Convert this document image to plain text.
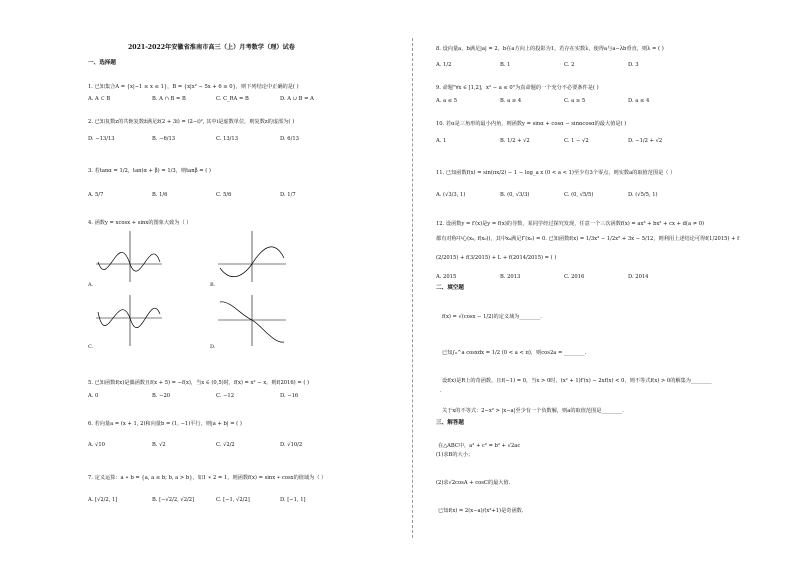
2021-2022年安徽省淮南市高三（上）月考数学（理）试卷
一、选择题
1. 已知集合A = {x|−1 ≤ x ≤ 1}，B = {x|x² − 5x + 6 ≥ 0}，则下列结论中正确的是( )
A. A ⊂ B	B. A ∩ B = B	C. C_RA = B	D. A ∪ B = A
2. 已知复数z的共轭复数z̄满足z̄(2 + 3i) = (2−i)², 其中i是虚数单位，则复数z的虚部为( )
D. −13/13	B. −6/13	C. 13/13	D. 6/13
3. 若tanα = 1/2，tan(α + β) = 1/3，则tanβ = ( )
A. 5/7	B. 1/6	C. 5/6	D. 1/7
4. 函数y = xcosx + sinx的图象大致为（ ）
A.	B.
C.	D.
5. 已知函数f(x)是偶函数且f(x + 5) = −f(x)，当x ∈ (0,5)时，f(x) = x² − x，则f(2016) = ( )
A. 0	B. −20	C. −12	D. −16
6. 若向量a = (x + 1, 2)和向量b = (1, −1)平行，则|a + b| = ( )
A. √10	B. √2	C. √2/2	D. √10/2
7. 定义运算：a ∗ b = {a, a ≤ b; b, a > b}，如1 ∗ 2 = 1，则函数f(x) = sinx ∗ cosx的值域为（ ）
A. [√2/2, 1]	B. [−√2/2, √2/2]	C. [−1, √2/2]	D. [−1, 1]
8. 设向量a，b满足|a| = 2，b在a方向上的投影为1，若存在实数λ，使得a与a−λb垂直，则λ = ( )
A. 1/2	B. 1	C. 2	D. 3
9. 命题"∀x ∈ [1,2]，x² − a ≤ 0"为真命题的一个充分不必要条件是( )
A. a ≤ 5	B. a ≥ 4	C. a ≥ 5	D. a ≤ 4
10. 若α是三角形的最小内角，则函数y = sinα + cosα − sinαcosα的最大值是( )
A. 1	B. 1/2 + √2	C. 1 − √2	D. −1/2 + √2
11. 已知函数f(x) = sin(πx/2) − 1 − log_a x (0 < a < 1)至少有3个零点，则实数a的取值范围是（ ）
A. (√3/3, 1)	B. (0, √3/3)	C. (0, √5/5)	D. (√5/5, 1)
12. 设函数y = f′(x)是y = f(x)的导数，某同学经过探究发现，任意一个三次函数f(x) = ax³ + bx² + cx + d(a ≠ 0)
都有对称中心(x₀, f(x₀))，其中x₀满足f″(x₀) = 0. 已知函数f(x) = 1/3x³ − 1/2x² + 3x − 5/12，则利用上述结论可得f(1/2015) + f
(2/2015) + f(3/2015) + L + f(2014/2015) = ( )
A. 2015	B. 2013	C. 2016	D. 2014
二、填空题
f(x) = √(cosx − 1/2)的定义域为________.
已知∫₀^a cosxdx = 1/2 (0 < a < π)，则cos2a = ________.
设f(x)是R上的奇函数，且f(−1) = 0，当x > 0时，(x² + 1)f′(x) − 2xf(x) < 0，则不等式f(x) > 0的解集为________
.
关于x的不等式：2−x² > |x−a|至少有一个负数解，则a的取值范围是________.
三、解答题
在△ABC中，a² + c² = b² + √2ac
(1)求B的大小；
(2)求√2cosA + cosC的最大值.
已知f(x) = 2(x−a)/(x²+1)是奇函数.
